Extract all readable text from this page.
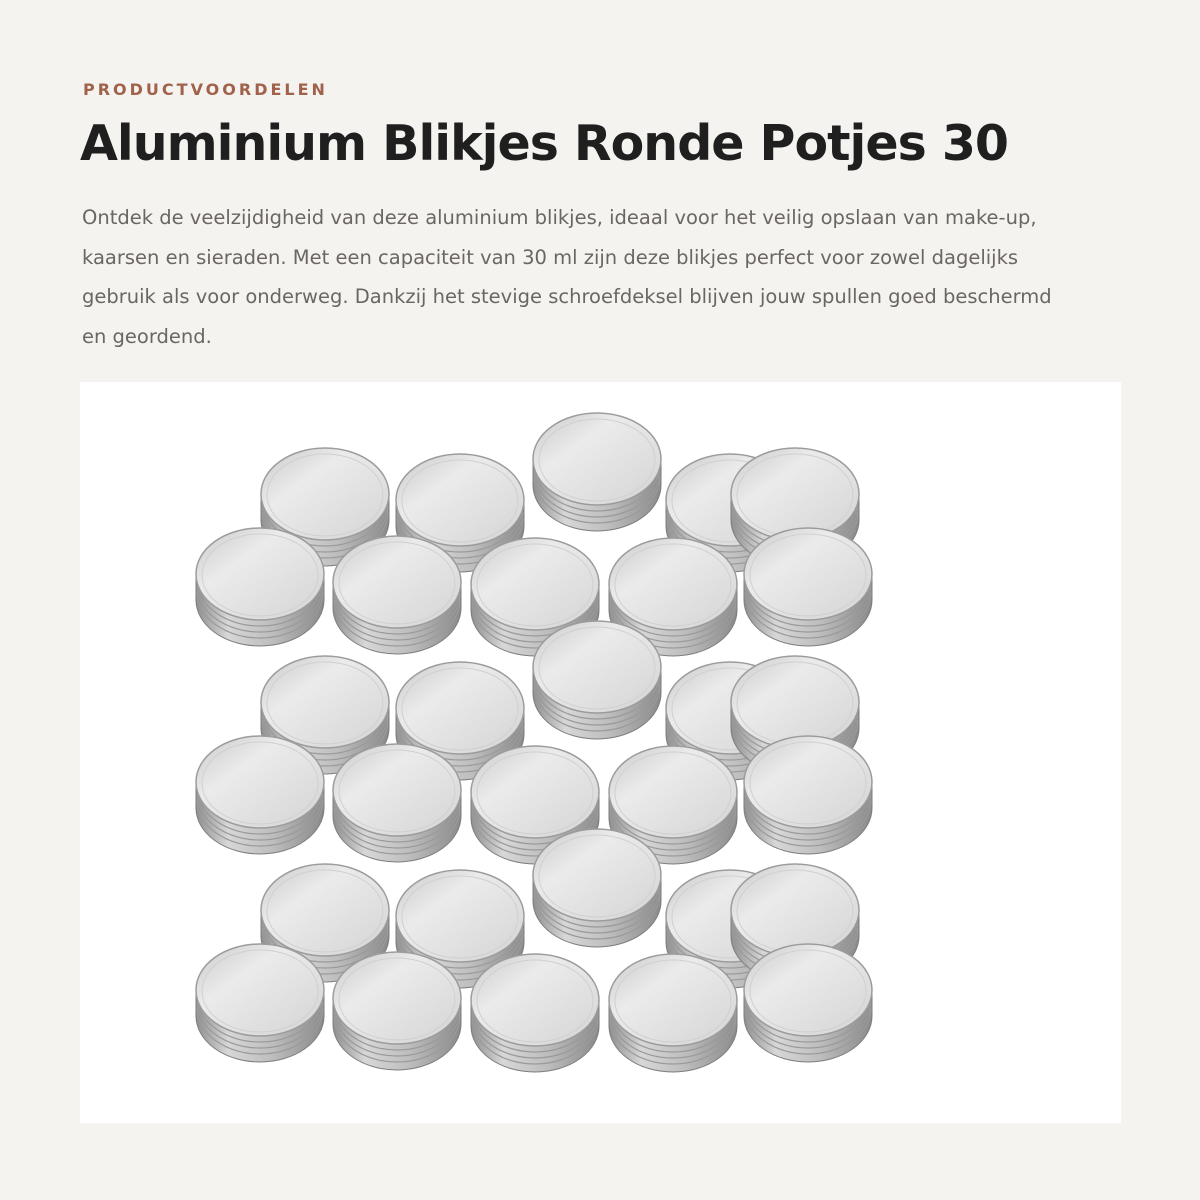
PRODUCTVOORDELEN
Aluminium Blikjes Ronde Potjes 30

Ontdek de veelzijdigheid van deze aluminium blikjes, ideaal voor het veilig opslaan van make-up, kaarsen en sieraden. Met een capaciteit van 30 ml zijn deze blikjes perfect voor zowel dagelijks gebruik als voor onderweg. Dankzij het stevige schroefdeksel blijven jouw spullen goed beschermd en geordend.
